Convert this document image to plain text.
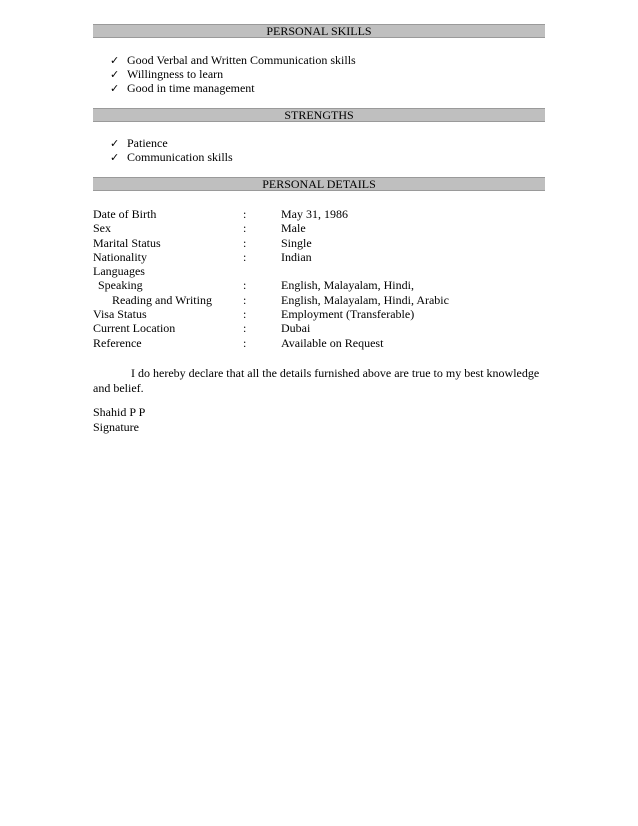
PERSONAL SKILLS
✓ Good Verbal and Written Communication skills
✓ Willingness to learn
✓ Good in time management
STRENGTHS
✓ Patience
✓ Communication skills
PERSONAL DETAILS
Date of Birth	:	May 31, 1986
Sex	:	Male
Marital Status	:	Single
Nationality	:	Indian
Languages
Speaking	:	English, Malayalam, Hindi,
Reading and Writing	:	English, Malayalam, Hindi, Arabic
Visa Status	:	Employment (Transferable)
Current Location	:	Dubai
Reference	:	Available on Request

I do hereby declare that all the details furnished above are true to my best knowledge and belief.

Shahid P P
Signature
